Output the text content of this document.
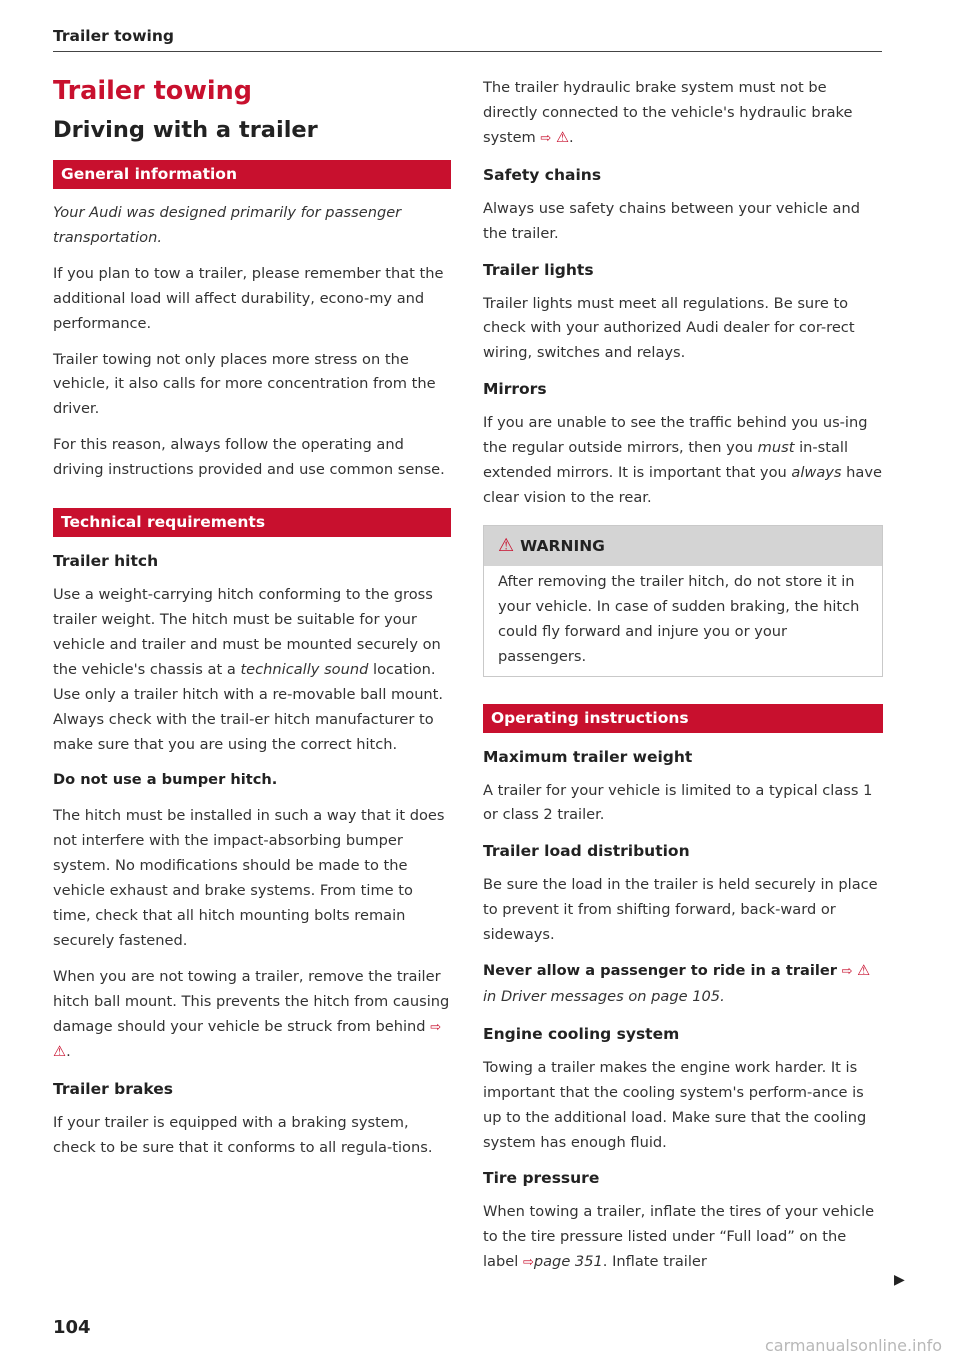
Trailer towing
Trailer towing
Driving with a trailer
General information

Your Audi was designed primarily for passenger transportation.

If you plan to tow a trailer, please remember that the additional load will affect durability, econo-my and performance.

Trailer towing not only places more stress on the vehicle, it also calls for more concentration from the driver.

For this reason, always follow the operating and driving instructions provided and use common sense.

Technical requirements
Trailer hitch

Use a weight-carrying hitch conforming to the gross trailer weight. The hitch must be suitable for your vehicle and trailer and must be mounted securely on the vehicle's chassis at a technically sound location. Use only a trailer hitch with a re-movable ball mount. Always check with the trail-er hitch manufacturer to make sure that you are using the correct hitch.

Do not use a bumper hitch.

The hitch must be installed in such a way that it does not interfere with the impact-absorbing bumper system. No modifications should be made to the vehicle exhaust and brake systems. From time to time, check that all hitch mounting bolts remain securely fastened.

When you are not towing a trailer, remove the trailer hitch ball mount. This prevents the hitch from causing damage should your vehicle be struck from behind ⇨ ⚠.

Trailer brakes

If your trailer is equipped with a braking system, check to be sure that it conforms to all regula-tions.

The trailer hydraulic brake system must not be directly connected to the vehicle's hydraulic brake system ⇨ ⚠.

Safety chains

Always use safety chains between your vehicle and the trailer.

Trailer lights

Trailer lights must meet all regulations. Be sure to check with your authorized Audi dealer for cor-rect wiring, switches and relays.

Mirrors

If you are unable to see the traffic behind you us-ing the regular outside mirrors, then you must in-stall extended mirrors. It is important that you always have clear vision to the rear.

⚠ WARNING

After removing the trailer hitch, do not store it in your vehicle. In case of sudden braking, the hitch could fly forward and injure you or your passengers.

Operating instructions
Maximum trailer weight

A trailer for your vehicle is limited to a typical class 1 or class 2 trailer.

Trailer load distribution

Be sure the load in the trailer is held securely in place to prevent it from shifting forward, back-ward or sideways.

Never allow a passenger to ride in a trailer ⇨ ⚠
in Driver messages on page 105.

Engine cooling system

Towing a trailer makes the engine work harder. It is important that the cooling system's perform-ance is up to the additional load. Make sure that the cooling system has enough fluid.

Tire pressure

When towing a trailer, inflate the tires of your vehicle to the tire pressure listed under “Full load” on the label ⇨page 351. Inflate trailer

▶
104
carmanualsonline.info
